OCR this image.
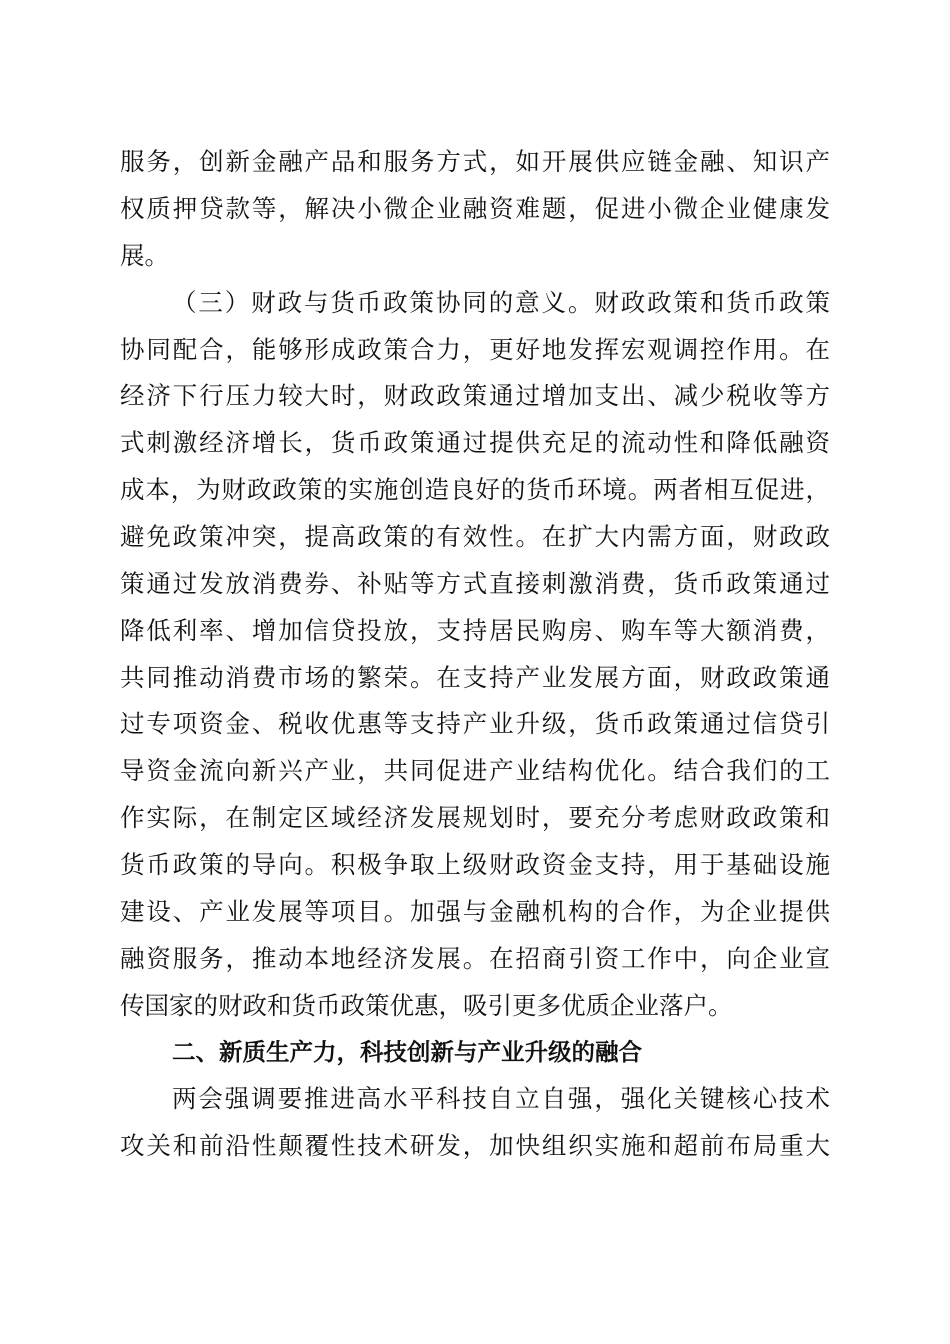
服务，创新金融产品和服务方式，如开展供应链金融、知识产
权质押贷款等，解决小微企业融资难题，促进小微企业健康发
展。
（三）财政与货币政策协同的意义。财政政策和货币政策
协同配合，能够形成政策合力，更好地发挥宏观调控作用。在
经济下行压力较大时，财政政策通过增加支出、减少税收等方
式刺激经济增长，货币政策通过提供充足的流动性和降低融资
成本，为财政政策的实施创造良好的货币环境。两者相互促进，
避免政策冲突，提高政策的有效性。在扩大内需方面，财政政
策通过发放消费券、补贴等方式直接刺激消费，货币政策通过
降低利率、增加信贷投放，支持居民购房、购车等大额消费，
共同推动消费市场的繁荣。在支持产业发展方面，财政政策通
过专项资金、税收优惠等支持产业升级，货币政策通过信贷引
导资金流向新兴产业，共同促进产业结构优化。结合我们的工
作实际，在制定区域经济发展规划时，要充分考虑财政政策和
货币政策的导向。积极争取上级财政资金支持，用于基础设施
建设、产业发展等项目。加强与金融机构的合作，为企业提供
融资服务，推动本地经济发展。在招商引资工作中，向企业宣
传国家的财政和货币政策优惠，吸引更多优质企业落户。
二、新质生产力，科技创新与产业升级的融合
两会强调要推进高水平科技自立自强，强化关键核心技术
攻关和前沿性颠覆性技术研发，加快组织实施和超前布局重大
